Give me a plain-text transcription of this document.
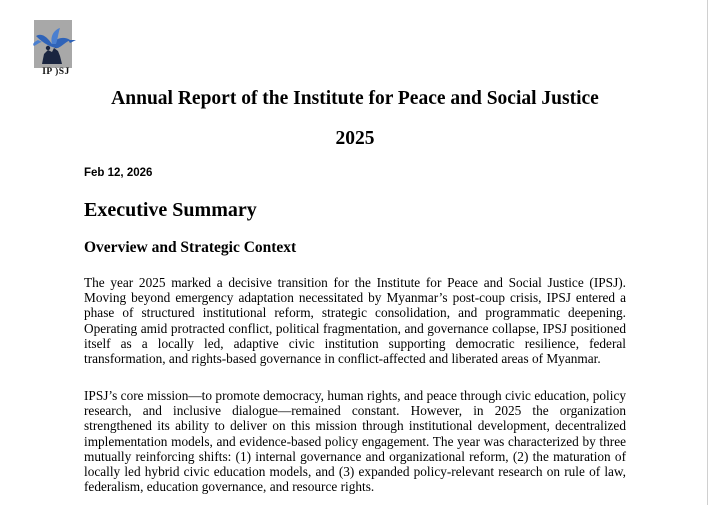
IP )SJ
Annual Report of the Institute for Peace and Social Justice
2025
Feb 12, 2026
Executive Summary
Overview and Strategic Context

The year 2025 marked a decisive transition for the Institute for Peace and Social Justice (IPSJ). Moving beyond emergency adaptation necessitated by Myanmar’s post-coup crisis, IPSJ entered a phase of structured institutional reform, strategic consolidation, and programmatic deepening. Operating amid protracted conflict, political fragmentation, and governance collapse, IPSJ positioned itself as a locally led, adaptive civic institution supporting democratic resilience, federal transformation, and rights-based governance in conflict-affected and liberated areas of Myanmar.

IPSJ’s core mission—to promote democracy, human rights, and peace through civic education, policy research, and inclusive dialogue—remained constant. However, in 2025 the organization strengthened its ability to deliver on this mission through institutional development, decentralized implementation models, and evidence-based policy engagement. The year was characterized by three mutually reinforcing shifts: (1) internal governance and organizational reform, (2) the maturation of locally led hybrid civic education models, and (3) expanded policy-relevant research on rule of law, federalism, education governance, and resource rights.
